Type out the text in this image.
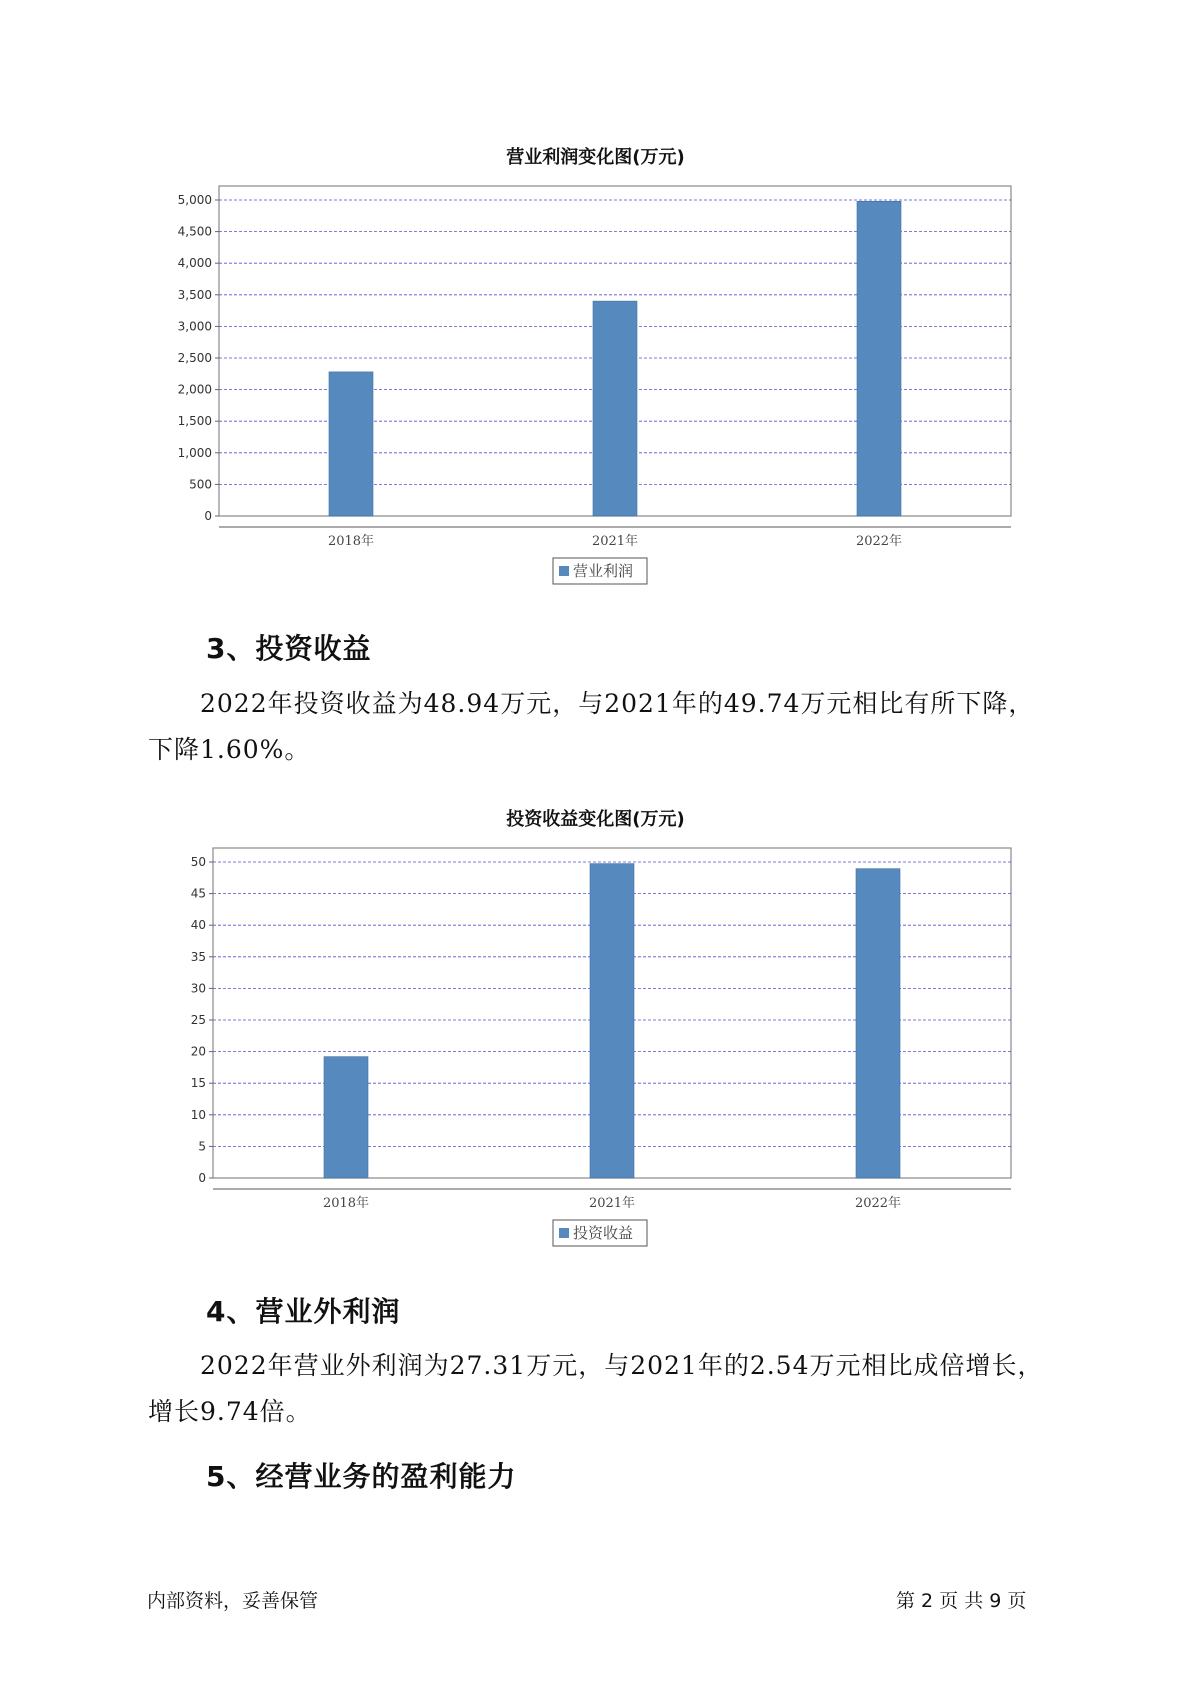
营业利润变化图(万元)
0
500
1,000
1,500
2,000
2,500
3,000
3,500
4,000
4,500
5,000
2018年	2021年	2022年
营业利润
3、投资收益
2022年投资收益为48.94万元，与2021年的49.74万元相比有所下降，下降1.60%。
投资收益变化图(万元)
0
5
10
15
20
25
30
35
40
45
50
2018年	2021年	2022年
投资收益
4、营业外利润
2022年营业外利润为27.31万元，与2021年的2.54万元相比成倍增长，增长9.74倍。
5、经营业务的盈利能力
内部资料，妥善保管	第 2 页 共 9 页
